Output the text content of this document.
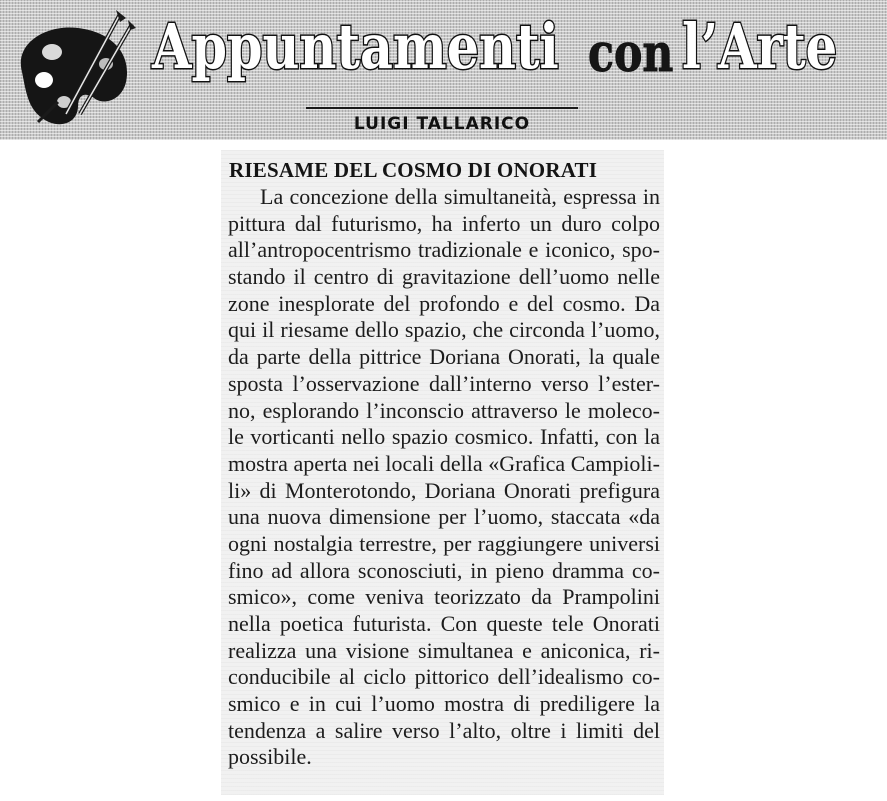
Appuntamenti con l’Arte
LUIGI TALLARICO
RIESAME DEL COSMO DI ONORATI
La concezione della simultaneità, espressa in
pittura dal futurismo, ha inferto un duro colpo
all’antropocentrismo tradizionale e iconico, spo-
stando il centro di gravitazione dell’uomo nelle
zone inesplorate del profondo e del cosmo. Da
qui il riesame dello spazio, che circonda l’uomo,
da parte della pittrice Doriana Onorati, la quale
sposta l’osservazione dall’interno verso l’ester-
no, esplorando l’inconscio attraverso le moleco-
le vorticanti nello spazio cosmico. Infatti, con la
mostra aperta nei locali della «Grafica Campioli-
li» di Monterotondo, Doriana Onorati prefigura
una nuova dimensione per l’uomo, staccata «da
ogni nostalgia terrestre, per raggiungere universi
fino ad allora sconosciuti, in pieno dramma co-
smico», come veniva teorizzato da Prampolini
nella poetica futurista. Con queste tele Onorati
realizza una visione simultanea e aniconica, ri-
conducibile al ciclo pittorico dell’idealismo co-
smico e in cui l’uomo mostra di prediligere la
tendenza a salire verso l’alto, oltre i limiti del
possibile.
